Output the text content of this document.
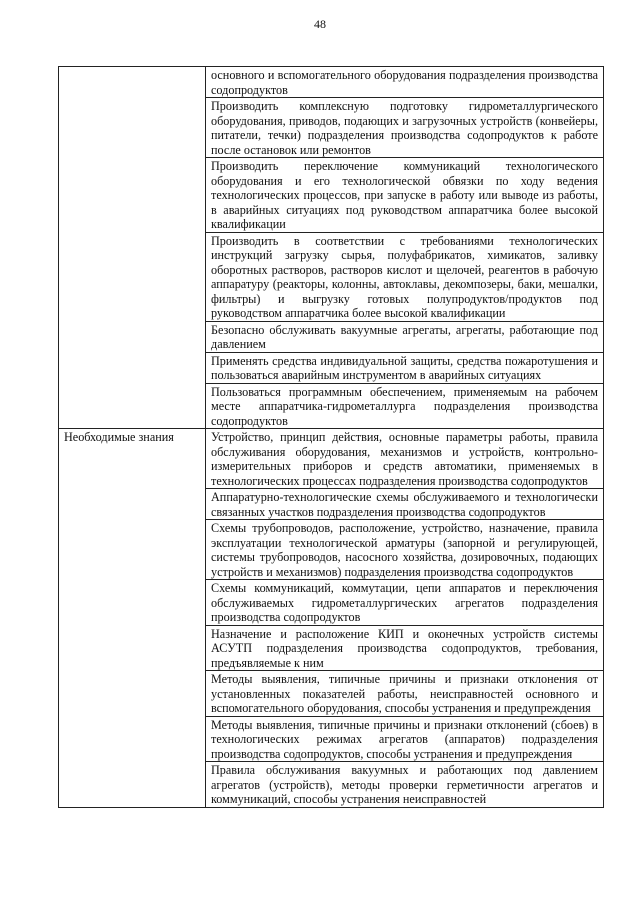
48
	основного и вспомогательного оборудования подразделения производства содопродуктов
	Производить комплексную подготовку гидрометаллургического оборудования, приводов, подающих и загрузочных устройств (конвейеры, питатели, течки) подразделения производства содопродуктов к работе после остановок или ремонтов
	Производить переключение коммуникаций технологического оборудования и его технологической обвязки по ходу ведения технологических процессов, при запуске в работу или выводе из работы, в аварийных ситуациях под руководством аппаратчика более высокой квалификации
	Производить в соответствии с требованиями технологических инструкций загрузку сырья, полуфабрикатов, химикатов, заливку оборотных растворов, растворов кислот и щелочей, реагентов в рабочую аппаратуру (реакторы, колонны, автоклавы, декомпозеры, баки, мешалки, фильтры) и выгрузку готовых полупродуктов/продуктов под руководством аппаратчика более высокой квалификации
	Безопасно обслуживать вакуумные агрегаты, агрегаты, работающие под давлением
	Применять средства индивидуальной защиты, средства пожаротушения и пользоваться аварийным инструментом в аварийных ситуациях
	Пользоваться программным обеспечением, применяемым на рабочем месте аппаратчика-гидрометаллурга подразделения производства содопродуктов
Необходимые знания	Устройство, принцип действия, основные параметры работы, правила обслуживания оборудования, механизмов и устройств, контрольно-измерительных приборов и средств автоматики, применяемых в технологических процессах подразделения производства содопродуктов
	Аппаратурно-технологические схемы обслуживаемого и технологически связанных участков подразделения производства содопродуктов
	Схемы трубопроводов, расположение, устройство, назначение, правила эксплуатации технологической арматуры (запорной и регулирующей, системы трубопроводов, насосного хозяйства, дозировочных, подающих устройств и механизмов) подразделения производства содопродуктов
	Схемы коммуникаций, коммутации, цепи аппаратов и переключения обслуживаемых гидрометаллургических агрегатов подразделения производства содопродуктов
	Назначение и расположение КИП и оконечных устройств системы АСУТП подразделения производства содопродуктов, требования, предъявляемые к ним
	Методы выявления, типичные причины и признаки отклонения от установленных показателей работы, неисправностей основного и вспомогательного оборудования, способы устранения и предупреждения
	Методы выявления, типичные причины и признаки отклонений (сбоев) в технологических режимах агрегатов (аппаратов) подразделения производства содопродуктов, способы устранения и предупреждения
	Правила обслуживания вакуумных и работающих под давлением агрегатов (устройств), методы проверки герметичности агрегатов и коммуникаций, способы устранения неисправностей
